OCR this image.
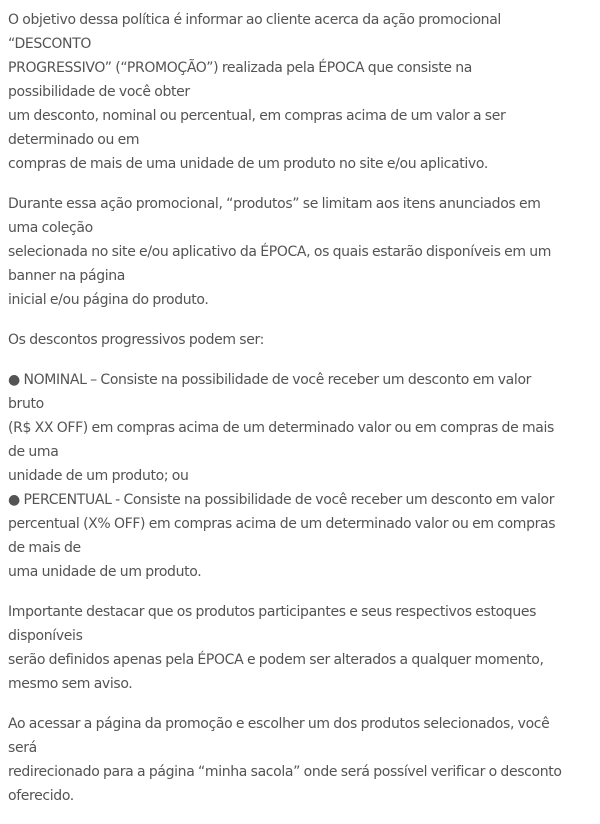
O objetivo dessa política é informar ao cliente acerca da ação promocional
“DESCONTO
PROGRESSIVO” (“PROMOÇÃO”) realizada pela ÉPOCA que consiste na
possibilidade de você obter
um desconto, nominal ou percentual, em compras acima de um valor a ser
determinado ou em
compras de mais de uma unidade de um produto no site e/ou aplicativo.

Durante essa ação promocional, “produtos” se limitam aos itens anunciados em
uma coleção
selecionada no site e/ou aplicativo da ÉPOCA, os quais estarão disponíveis em um
banner na página
inicial e/ou página do produto.

Os descontos progressivos podem ser:

● NOMINAL – Consiste na possibilidade de você receber um desconto em valor
bruto
(R$ XX OFF) em compras acima de um determinado valor ou em compras de mais
de uma
unidade de um produto; ou
● PERCENTUAL - Consiste na possibilidade de você receber um desconto em valor
percentual (X% OFF) em compras acima de um determinado valor ou em compras
de mais de
uma unidade de um produto.

Importante destacar que os produtos participantes e seus respectivos estoques
disponíveis
serão definidos apenas pela ÉPOCA e podem ser alterados a qualquer momento,
mesmo sem aviso.

Ao acessar a página da promoção e escolher um dos produtos selecionados, você
será
redirecionado para a página “minha sacola” onde será possível verificar o desconto
oferecido.
